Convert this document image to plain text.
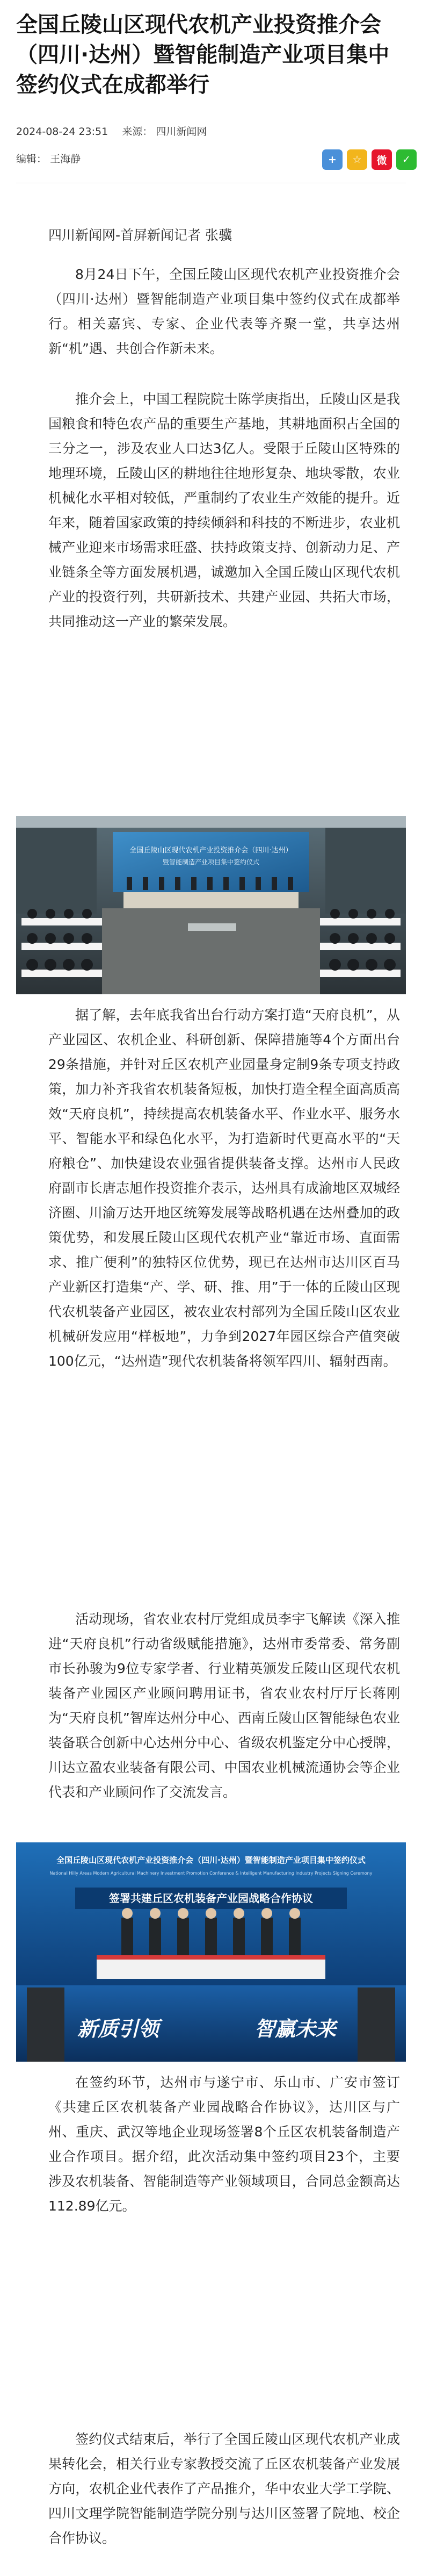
全国丘陵山区现代农机产业投资推介会（四川·达州）暨智能制造产业项目集中签约仪式在成都举行
2024-08-24 23:51 来源： 四川新闻网
编辑： 王海静	+	☆	微	✓
四川新闻网-首屏新闻记者 张骥

8月24日下午，全国丘陵山区现代农机产业投资推介会（四川·达州）暨智能制造产业项目集中签约仪式在成都举行。相关嘉宾、专家、企业代表等齐聚一堂，共享达州新“机”遇、共创合作新未来。

推介会上，中国工程院院士陈学庚指出，丘陵山区是我国粮食和特色农产品的重要生产基地，其耕地面积占全国的三分之一，涉及农业人口达3亿人。受限于丘陵山区特殊的地理环境，丘陵山区的耕地往往地形复杂、地块零散，农业机械化水平相对较低，严重制约了农业生产效能的提升。近年来，随着国家政策的持续倾斜和科技的不断进步，农业机械产业迎来市场需求旺盛、扶持政策支持、创新动力足、产业链条全等方面发展机遇，诚邀加入全国丘陵山区现代农机产业的投资行列，共研新技术、共建产业园、共拓大市场，共同推动这一产业的繁荣发展。

全国丘陵山区现代农机产业投资推介会（四川·达州）
暨智能制造产业项目集中签约仪式

据了解，去年底我省出台行动方案打造“天府良机”，从产业园区、农机企业、科研创新、保障措施等4个方面出台29条措施，并针对丘区农机产业园量身定制9条专项支持政策，加力补齐我省农机装备短板，加快打造全程全面高质高效“天府良机”，持续提高农机装备水平、作业水平、服务水平、智能水平和绿色化水平，为打造新时代更高水平的“天府粮仓”、加快建设农业强省提供装备支撑。达州市人民政府副市长唐志旭作投资推介表示，达州具有成渝地区双城经济圈、川渝万达开地区统筹发展等战略机遇在达州叠加的政策优势，和发展丘陵山区现代农机产业“靠近市场、直面需求、推广便利”的独特区位优势，现已在达州市达川区百马产业新区打造集“产、学、研、推、用”于一体的丘陵山区现代农机装备产业园区，被农业农村部列为全国丘陵山区农业机械研发应用“样板地”，力争到2027年园区综合产值突破100亿元，“达州造”现代农机装备将领军四川、辐射西南。

活动现场，省农业农村厅党组成员李宇飞解读《深入推进“天府良机”行动省级赋能措施》，达州市委常委、常务副市长孙骏为9位专家学者、行业精英颁发丘陵山区现代农机装备产业园区产业顾问聘用证书，省农业农村厅厅长蒋刚为“天府良机”智库达州分中心、西南丘陵山区智能绿色农业装备联合创新中心达州分中心、省级农机鉴定分中心授牌，川达立盈农业装备有限公司、中国农业机械流通协会等企业代表和产业顾问作了交流发言。

全国丘陵山区现代农机产业投资推介会（四川·达州）暨智能制造产业项目集中签约仪式
National Hilly Areas Modern Agricultural Machinery Investment Promotion Conference & Intelligent Manufacturing Industry Projects Signing Ceremony
签署共建丘区农机装备产业园战略合作协议
新质引领	智赢未来

在签约环节，达州市与遂宁市、乐山市、广安市签订《共建丘区农机装备产业园战略合作协议》，达川区与广州、重庆、武汉等地企业现场签署8个丘区农机装备制造产业合作项目。据介绍，此次活动集中签约项目23个，主要涉及农机装备、智能制造等产业领域项目，合同总金额高达112.89亿元。

签约仪式结束后，举行了全国丘陵山区现代农机产业成果转化会，相关行业专家教授交流了丘区农机装备产业发展方向，农机企业代表作了产品推介，华中农业大学工学院、四川文理学院智能制造学院分别与达川区签署了院地、校企合作协议。
